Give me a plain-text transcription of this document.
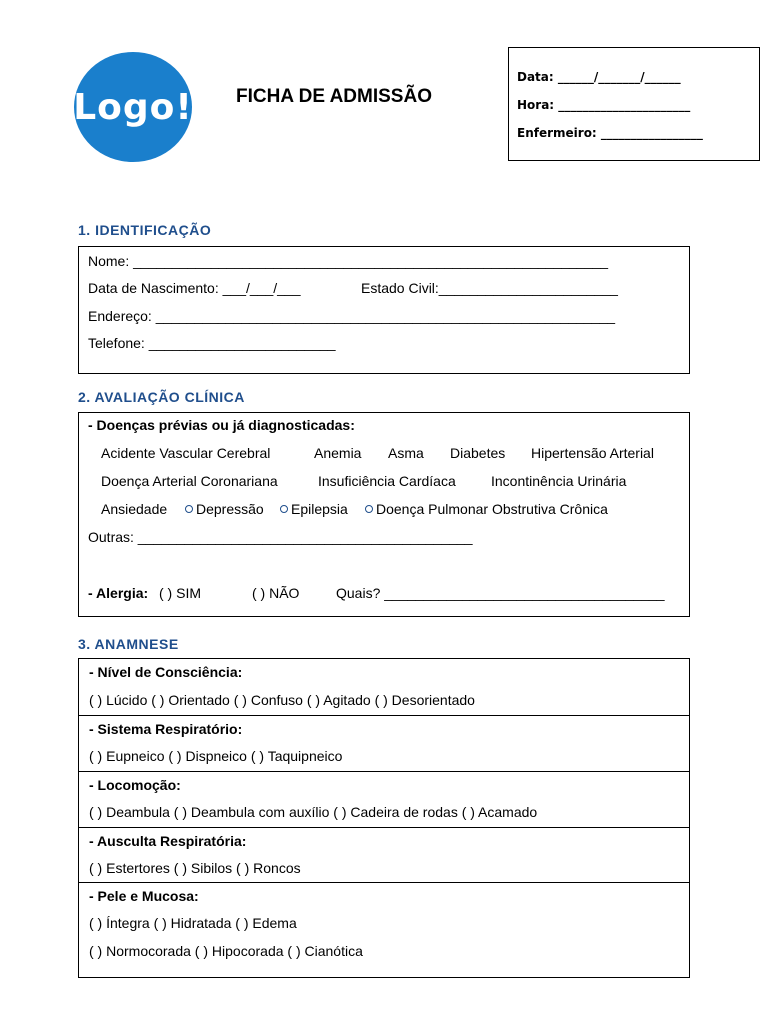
Logo! FICHA DE ADMISSÃO
Data: ______/_______/______
Hora: ______________________
Enfermeiro: _________________
1. IDENTIFICAÇÃO
Nome: _____________________________________________________________
Data de Nascimento: ___/___/___	Estado Civil:_______________________
Endereço: ___________________________________________________________
Telefone: ________________________
2. AVALIAÇÃO CLÍNICA
- Doenças prévias ou já diagnosticadas:
Acidente Vascular Cerebral	Anemia Asma Diabetes Hipertensão Arterial
Doença Arterial Coronariana	Insuficiência Cardíaca	Incontinência Urinária
Ansiedade	Depressão	Epilepsia	Doença Pulmonar Obstrutiva Crônica
Outras: ___________________________________________
- Alergia: ( ) SIM	( ) NÃO	Quais? ____________________________________
3. ANAMNESE
- Nível de Consciência:
( ) Lúcido ( ) Orientado ( ) Confuso ( ) Agitado ( ) Desorientado
- Sistema Respiratório:
( ) Eupneico ( ) Dispneico ( ) Taquipneico
- Locomoção:
( ) Deambula ( ) Deambula com auxílio ( ) Cadeira de rodas ( ) Acamado
- Ausculta Respiratória:
( ) Estertores ( ) Sibilos ( ) Roncos
- Pele e Mucosa:
( ) Íntegra ( ) Hidratada ( ) Edema
( ) Normocorada ( ) Hipocorada ( ) Cianótica
